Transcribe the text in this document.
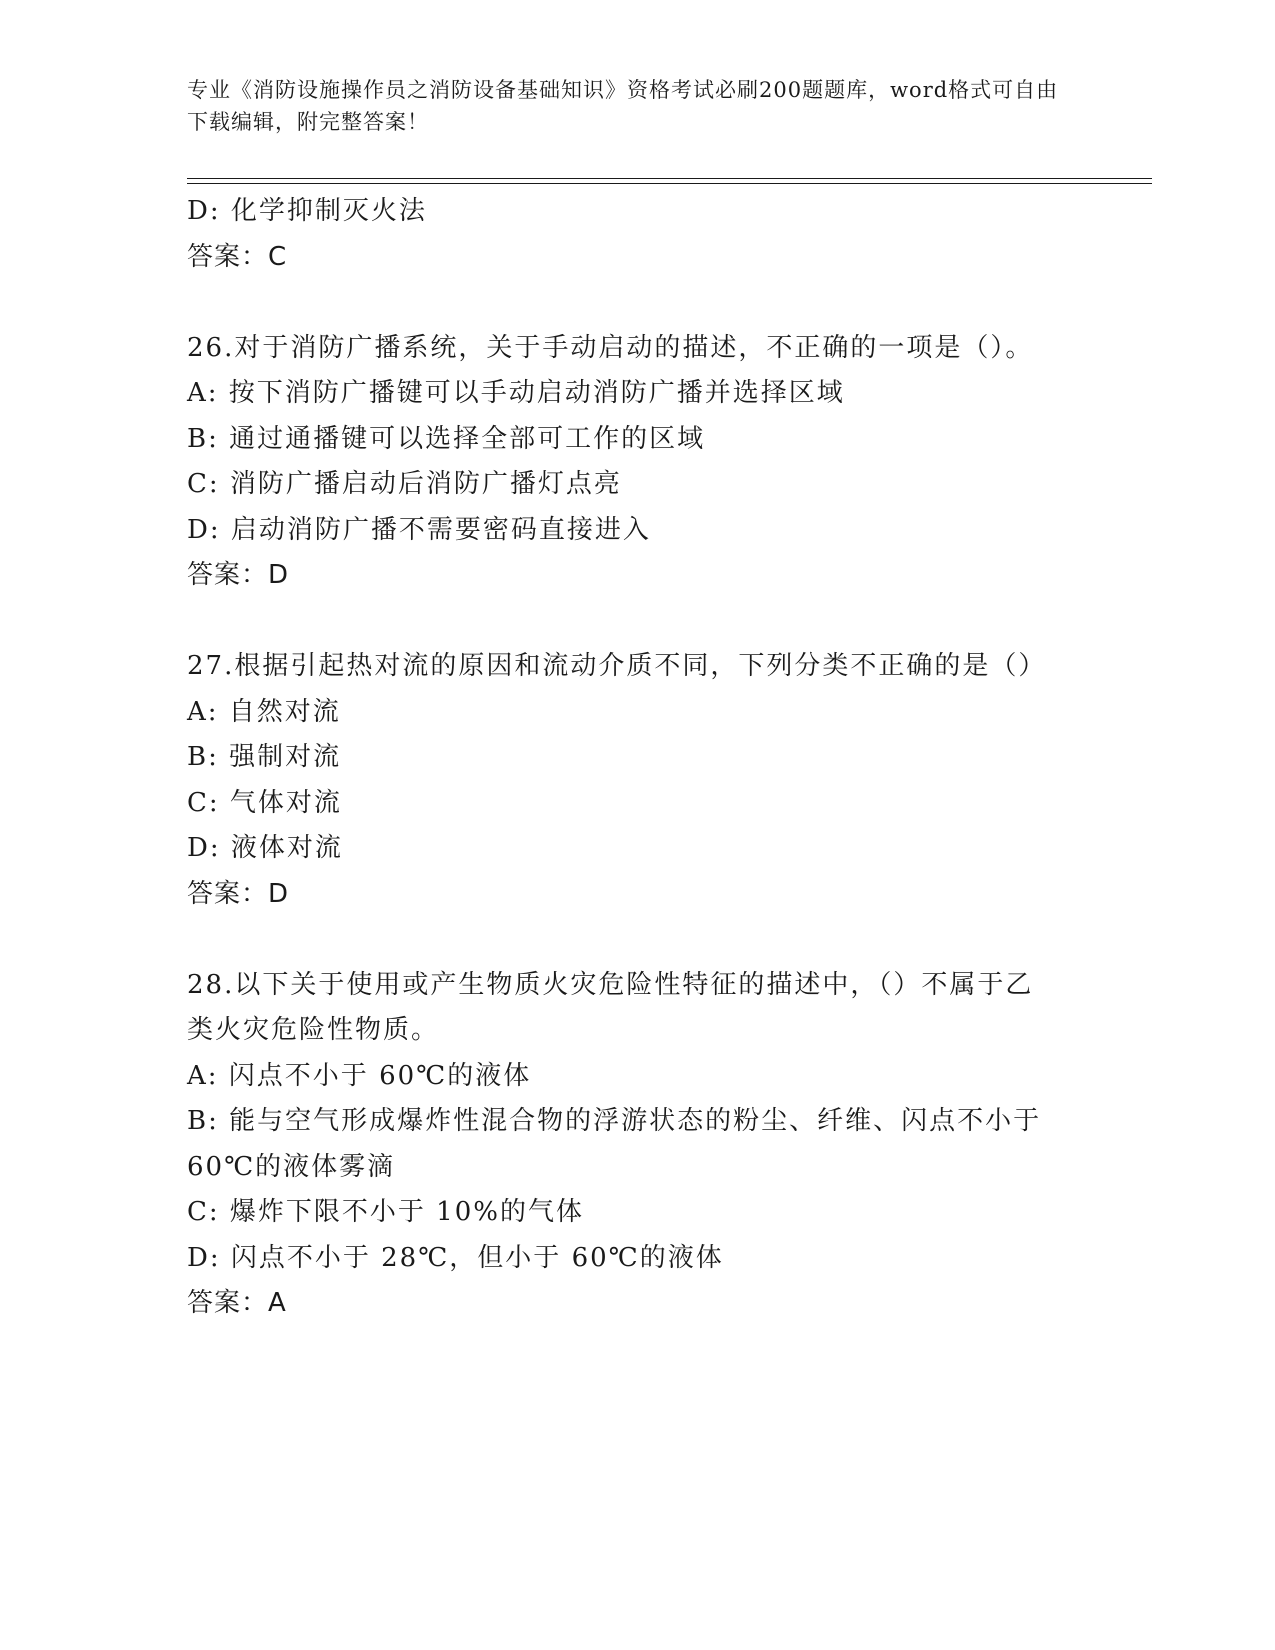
专业《消防设施操作员之消防设备基础知识》资格考试必刷200题题库，word格式可自由下载编辑，附完整答案！
D: 化学抑制灭火法
答案：C
26.对于消防广播系统，关于手动启动的描述，不正确的一项是（）。
A: 按下消防广播键可以手动启动消防广播并选择区域
B: 通过通播键可以选择全部可工作的区域
C: 消防广播启动后消防广播灯点亮
D: 启动消防广播不需要密码直接进入
答案：D
27.根据引起热对流的原因和流动介质不同，下列分类不正确的是（）
A: 自然对流
B: 强制对流
C: 气体对流
D: 液体对流
答案：D
28.以下关于使用或产生物质火灾危险性特征的描述中，（）不属于乙
类火灾危险性物质。
A: 闪点不小于 60℃的液体
B: 能与空气形成爆炸性混合物的浮游状态的粉尘、纤维、闪点不小于
60℃的液体雾滴
C: 爆炸下限不小于 10%的气体
D: 闪点不小于 28℃，但小于 60℃的液体
答案：A
